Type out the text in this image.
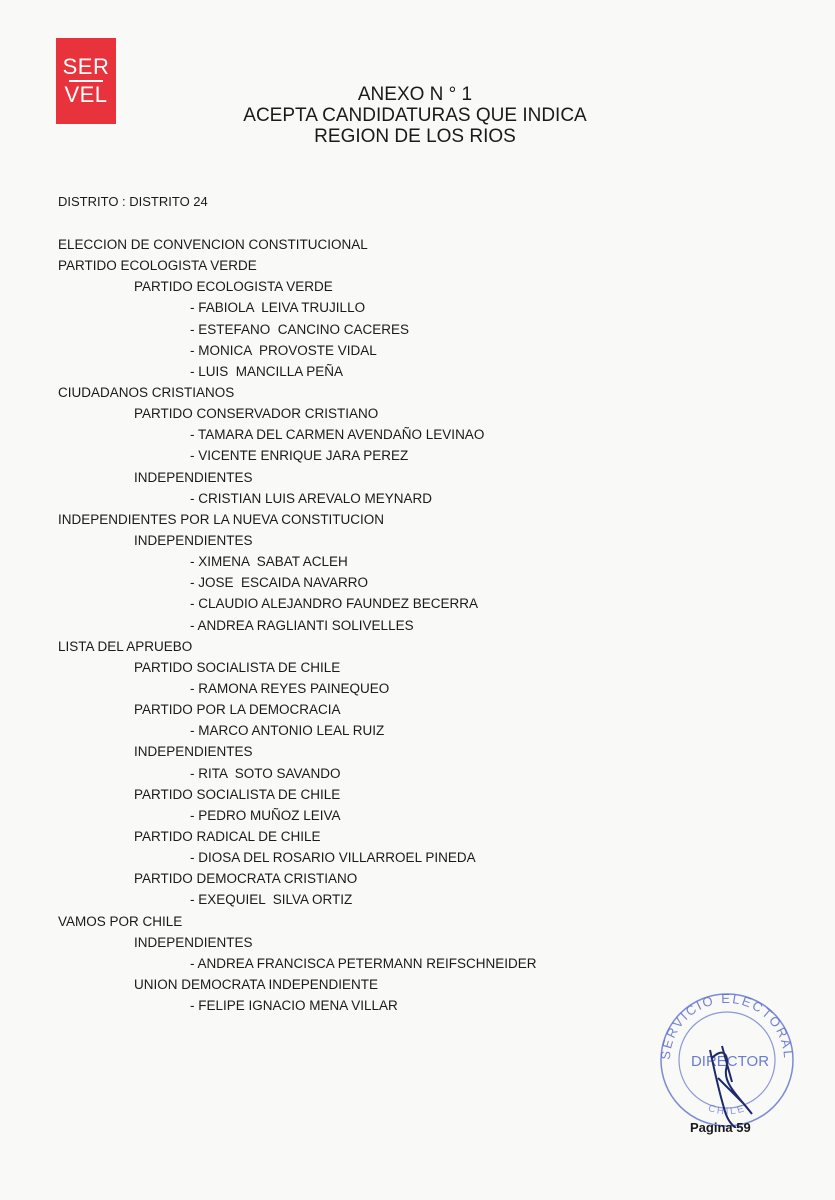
SER
VEL	ANEXO N ° 1
ACEPTA CANDIDATURAS QUE INDICA
REGION DE LOS RIOS
DISTRITO : DISTRITO 24
ELECCION DE CONVENCION CONSTITUCIONAL
PARTIDO ECOLOGISTA VERDE
PARTIDO ECOLOGISTA VERDE
- FABIOLA  LEIVA TRUJILLO
- ESTEFANO  CANCINO CACERES
- MONICA  PROVOSTE VIDAL
- LUIS  MANCILLA PEÑA
CIUDADANOS CRISTIANOS
PARTIDO CONSERVADOR CRISTIANO
- TAMARA DEL CARMEN AVENDAÑO LEVINAO
- VICENTE ENRIQUE JARA PEREZ
INDEPENDIENTES
- CRISTIAN LUIS AREVALO MEYNARD
INDEPENDIENTES POR LA NUEVA CONSTITUCION
INDEPENDIENTES
- XIMENA  SABAT ACLEH
- JOSE  ESCAIDA NAVARRO
- CLAUDIO ALEJANDRO FAUNDEZ BECERRA
- ANDREA RAGLIANTI SOLIVELLES
LISTA DEL APRUEBO
PARTIDO SOCIALISTA DE CHILE
- RAMONA REYES PAINEQUEO
PARTIDO POR LA DEMOCRACIA
- MARCO ANTONIO LEAL RUIZ
INDEPENDIENTES
- RITA  SOTO SAVANDO
PARTIDO SOCIALISTA DE CHILE
- PEDRO MUÑOZ LEIVA
PARTIDO RADICAL DE CHILE
- DIOSA DEL ROSARIO VILLARROEL PINEDA
PARTIDO DEMOCRATA CRISTIANO
- EXEQUIEL  SILVA ORTIZ
VAMOS POR CHILE
INDEPENDIENTES
- ANDREA FRANCISCA PETERMANN REIFSCHNEIDER
UNION DEMOCRATA INDEPENDIENTE
- FELIPE IGNACIO MENA VILLAR
SERVICIO ELECTORAL
CHILE
DIRECTOR
Pagina 59
